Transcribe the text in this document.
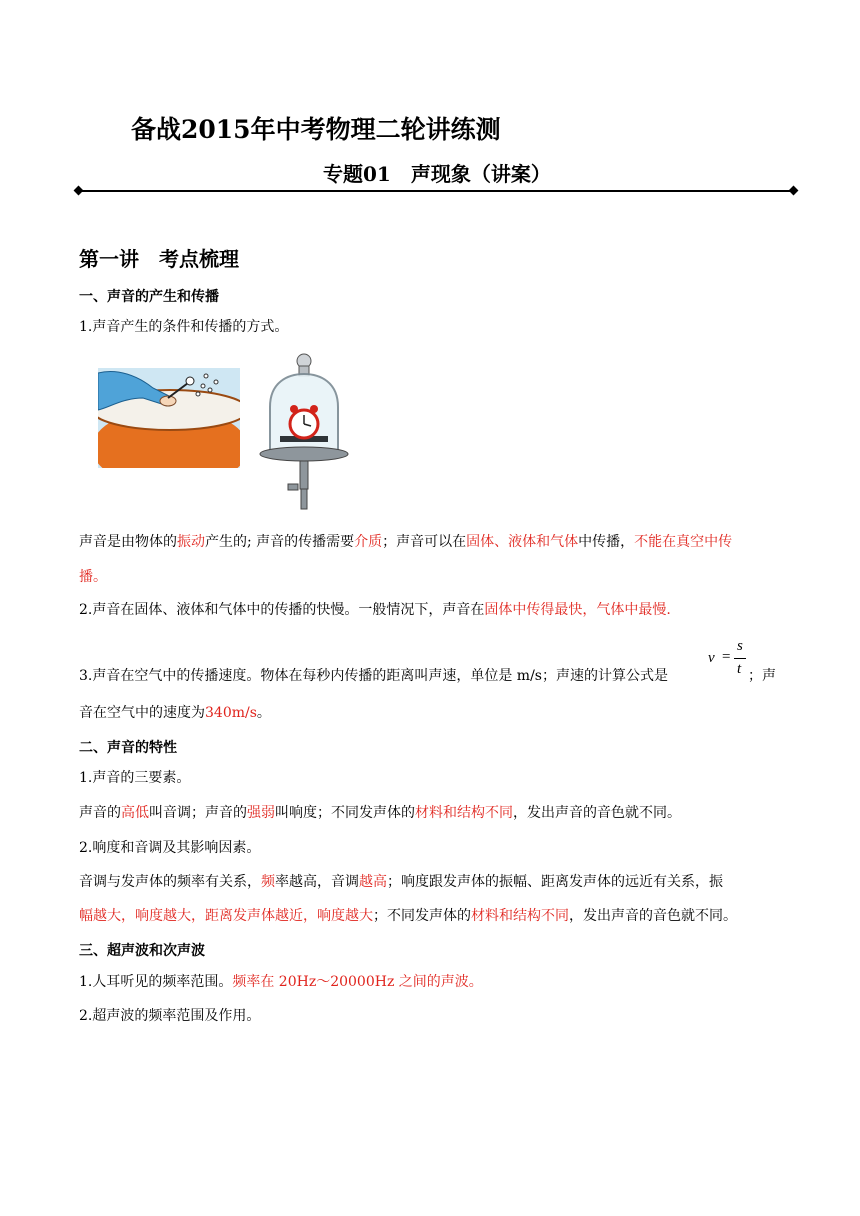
备战2015年中考物理二轮讲练测
专题01　声现象（讲案）
第一讲　考点梳理
一、声音的产生和传播
1.声音产生的条件和传播的方式。
声音是由物体的振动产生的; 声音的传播需要介质；声音可以在固体、液体和气体中传播，不能在真空中传
播。
2.声音在固体、液体和气体中的传播的快慢。一般情况下，声音在固体中传得最快，气体中最慢.
v =
s
t
3.声音在空气中的传播速度。物体在每秒内传播的距离叫声速，单位是 m/s；声速的计算公式是	；声
音在空气中的速度为340m/s。
二、声音的特性
1.声音的三要素。
声音的高低叫音调；声音的强弱叫响度；不同发声体的材料和结构不同，发出声音的音色就不同。
2.响度和音调及其影响因素。
音调与发声体的频率有关系，频率越高，音调越高；响度跟发声体的振幅、距离发声体的远近有关系，振
幅越大，响度越大，距离发声体越近，响度越大；不同发声体的材料和结构不同，发出声音的音色就不同。
三、超声波和次声波
1.人耳听见的频率范围。频率在 20Hz～20000Hz 之间的声波。
2.超声波的频率范围及作用。
